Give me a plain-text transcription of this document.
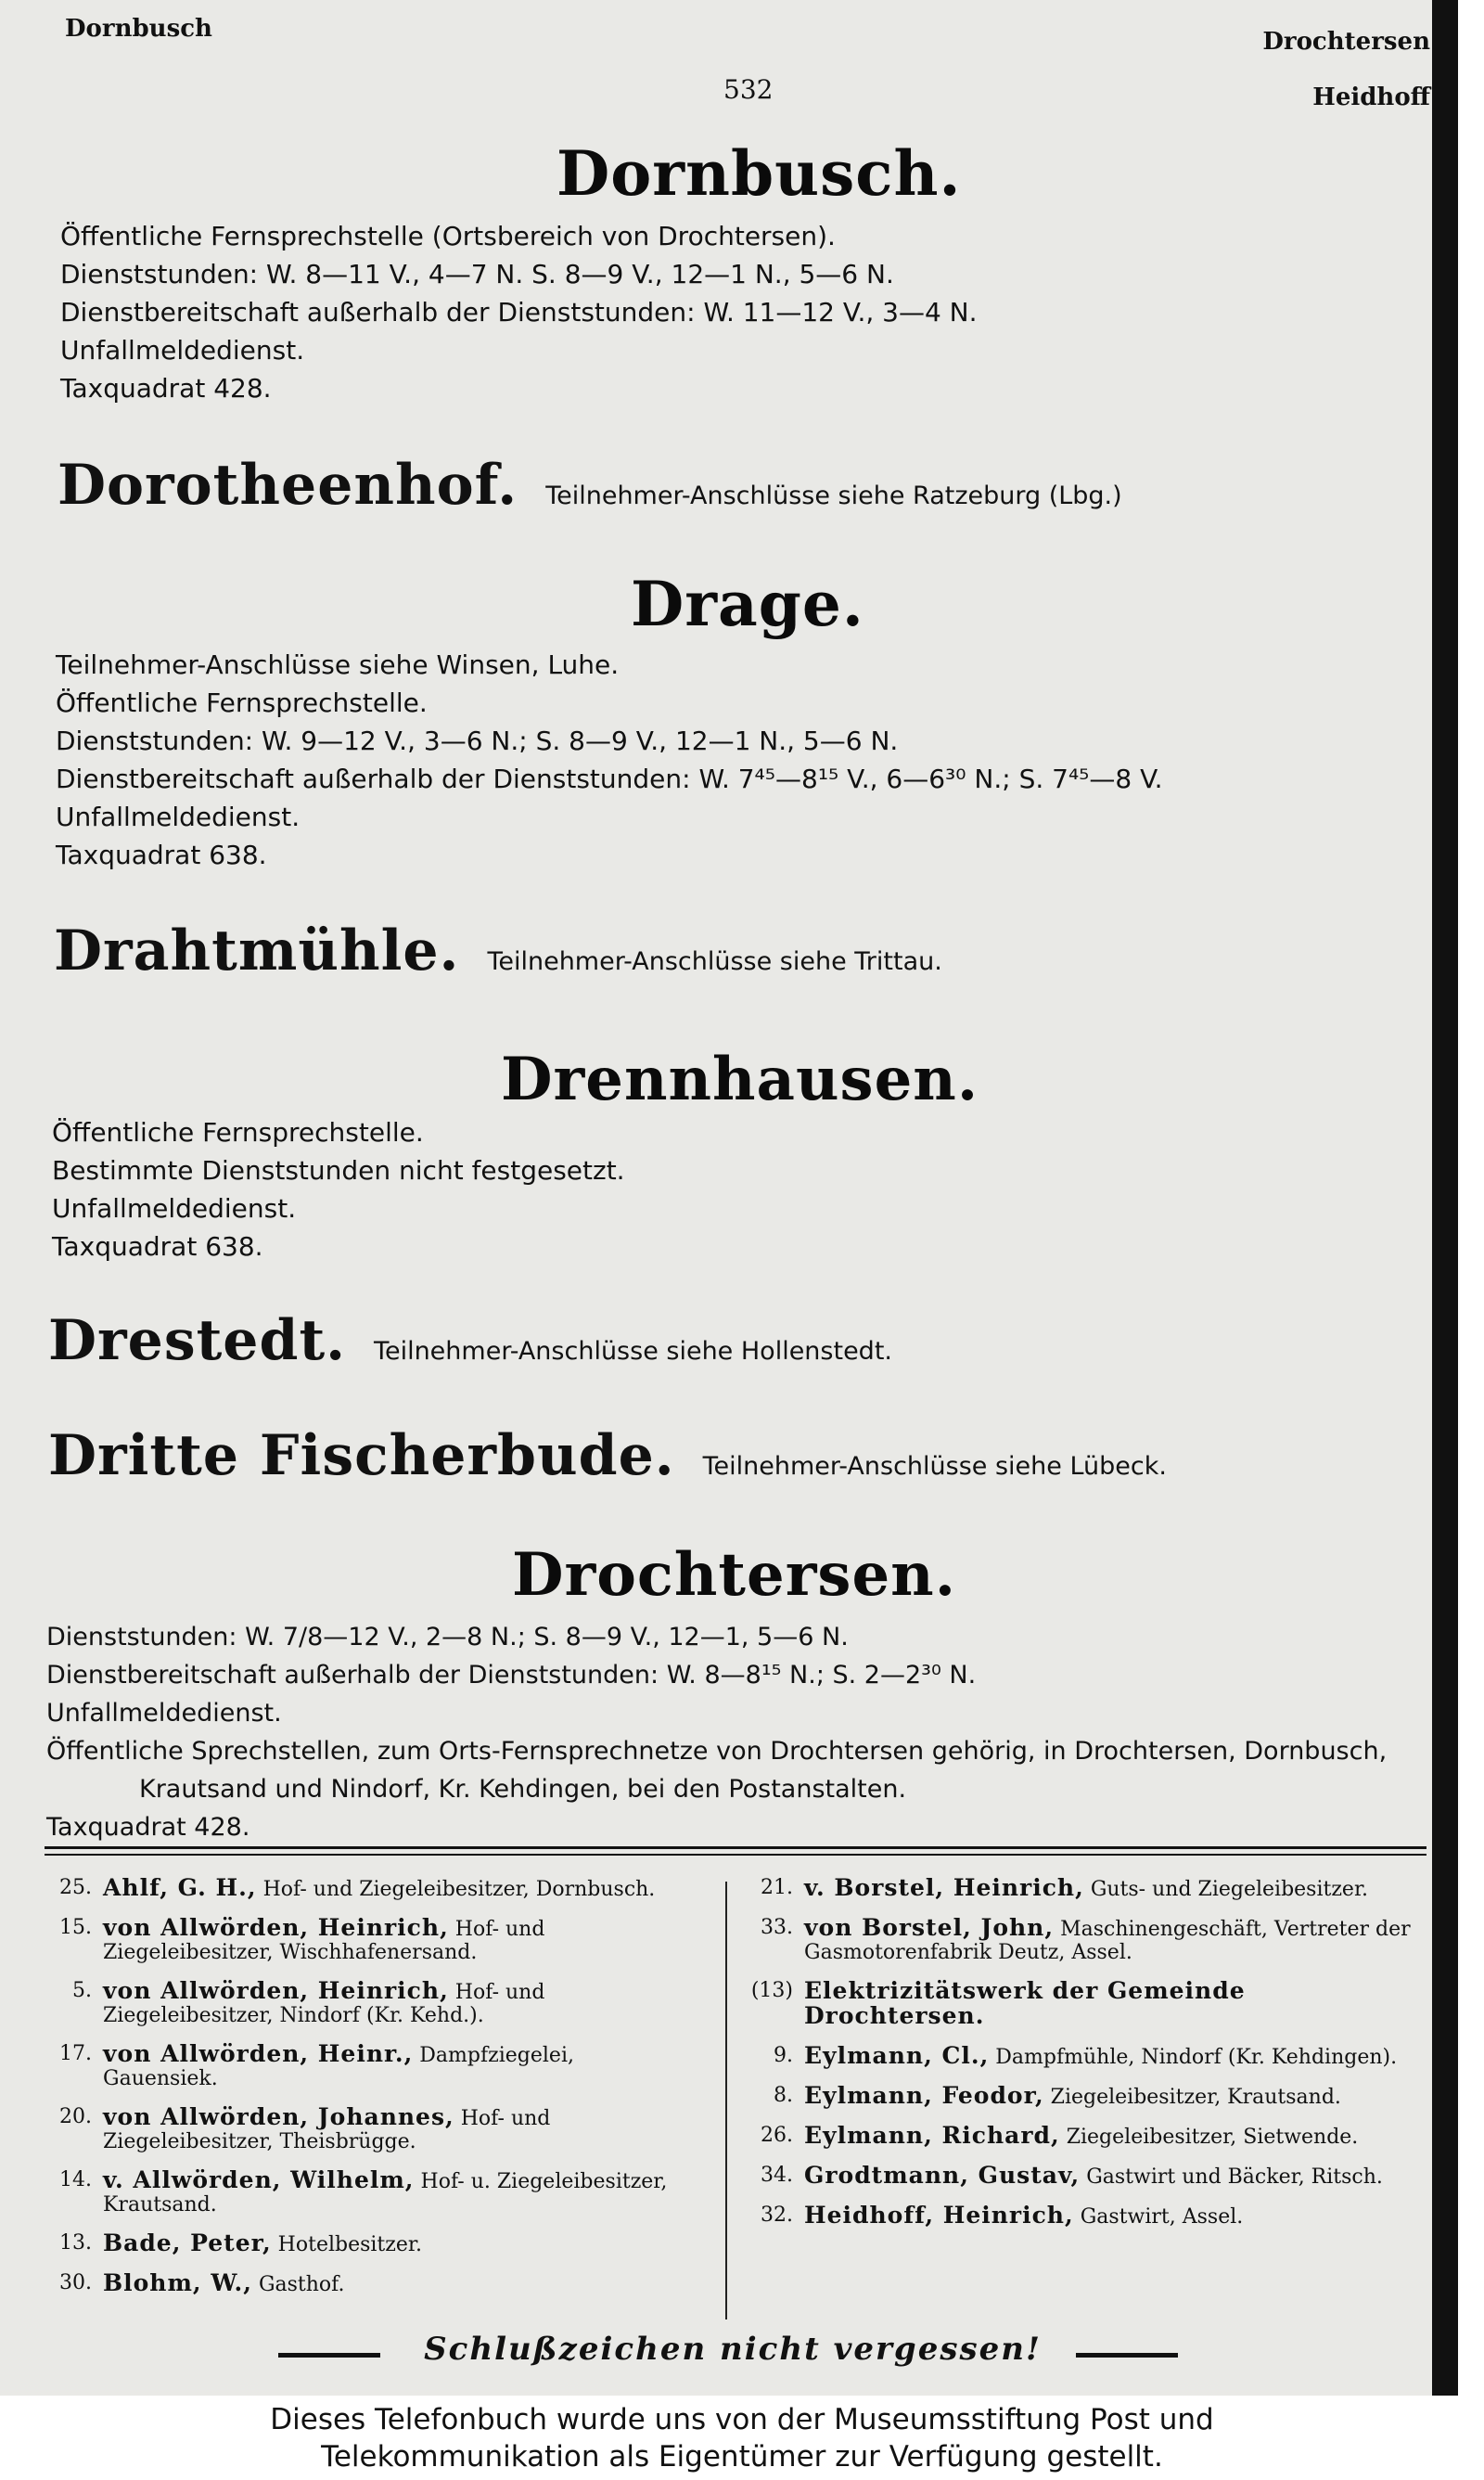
Dornbusch
532
Drochtersen
Heidhoff
Dornbusch.
Öffentliche Fernsprechstelle (Ortsbereich von Drochtersen).
Dienststunden: W. 8—11 V., 4—7 N. S. 8—9 V., 12—1 N., 5—6 N.
Dienstbereitschaft außerhalb der Dienststunden: W. 11—12 V., 3—4 N.
Unfallmeldedienst.
Taxquadrat 428.
Dorotheenhof. Teilnehmer-Anschlüsse siehe Ratzeburg (Lbg.)
Drage.
Teilnehmer-Anschlüsse siehe Winsen, Luhe.
Öffentliche Fernsprechstelle.
Dienststunden: W. 9—12 V., 3—6 N.; S. 8—9 V., 12—1 N., 5—6 N.
Dienstbereitschaft außerhalb der Dienststunden: W. 7⁴⁵—8¹⁵ V., 6—6³⁰ N.; S. 7⁴⁵—8 V.
Unfallmeldedienst.
Taxquadrat 638.
Drahtmühle. Teilnehmer-Anschlüsse siehe Trittau.
Drennhausen.
Öffentliche Fernsprechstelle.
Bestimmte Dienststunden nicht festgesetzt.
Unfallmeldedienst.
Taxquadrat 638.
Drestedt. Teilnehmer-Anschlüsse siehe Hollenstedt.
Dritte Fischerbude. Teilnehmer-Anschlüsse siehe Lübeck.
Drochtersen.
Dienststunden: W. 7/8—12 V., 2—8 N.; S. 8—9 V., 12—1, 5—6 N.
Dienstbereitschaft außerhalb der Dienststunden: W. 8—8¹⁵ N.; S. 2—2³⁰ N.
Unfallmeldedienst.
Öffentliche Sprechstellen, zum Orts-Fernsprechnetze von Drochtersen gehörig, in Drochtersen, Dornbusch,
Krautsand und Nindorf, Kr. Kehdingen, bei den Postanstalten.
Taxquadrat 428.
25. Ahlf, G. H., Hof- und Ziegeleibesitzer, Dornbusch.
15. von Allwörden, Heinrich, Hof- und Ziegeleibesitzer, Wischhafenersand.
5. von Allwörden, Heinrich, Hof- und Ziegeleibesitzer, Nindorf (Kr. Kehd.).
17. von Allwörden, Heinr., Dampfziegelei, Gauensiek.
20. von Allwörden, Johannes, Hof- und Ziegeleibesitzer, Theisbrügge.
14. v. Allwörden, Wilhelm, Hof- u. Ziegeleibesitzer, Krautsand.
13. Bade, Peter, Hotelbesitzer.
30. Blohm, W., Gasthof.
21. v. Borstel, Heinrich, Guts- und Ziegeleibesitzer.
33. von Borstel, John, Maschinengeschäft, Vertreter der Gasmotorenfabrik Deutz, Assel.
(13) Elektrizitätswerk der Gemeinde Drochtersen.
9. Eylmann, Cl., Dampfmühle, Nindorf (Kr. Kehdingen).
8. Eylmann, Feodor, Ziegeleibesitzer, Krautsand.
26. Eylmann, Richard, Ziegeleibesitzer, Sietwende.
34. Grodtmann, Gustav, Gastwirt und Bäcker, Ritsch.
32. Heidhoff, Heinrich, Gastwirt, Assel.
Schlußzeichen nicht vergessen!
Dieses Telefonbuch wurde uns von der Museumsstiftung Post und
Telekommunikation als Eigentümer zur Verfügung gestellt.
